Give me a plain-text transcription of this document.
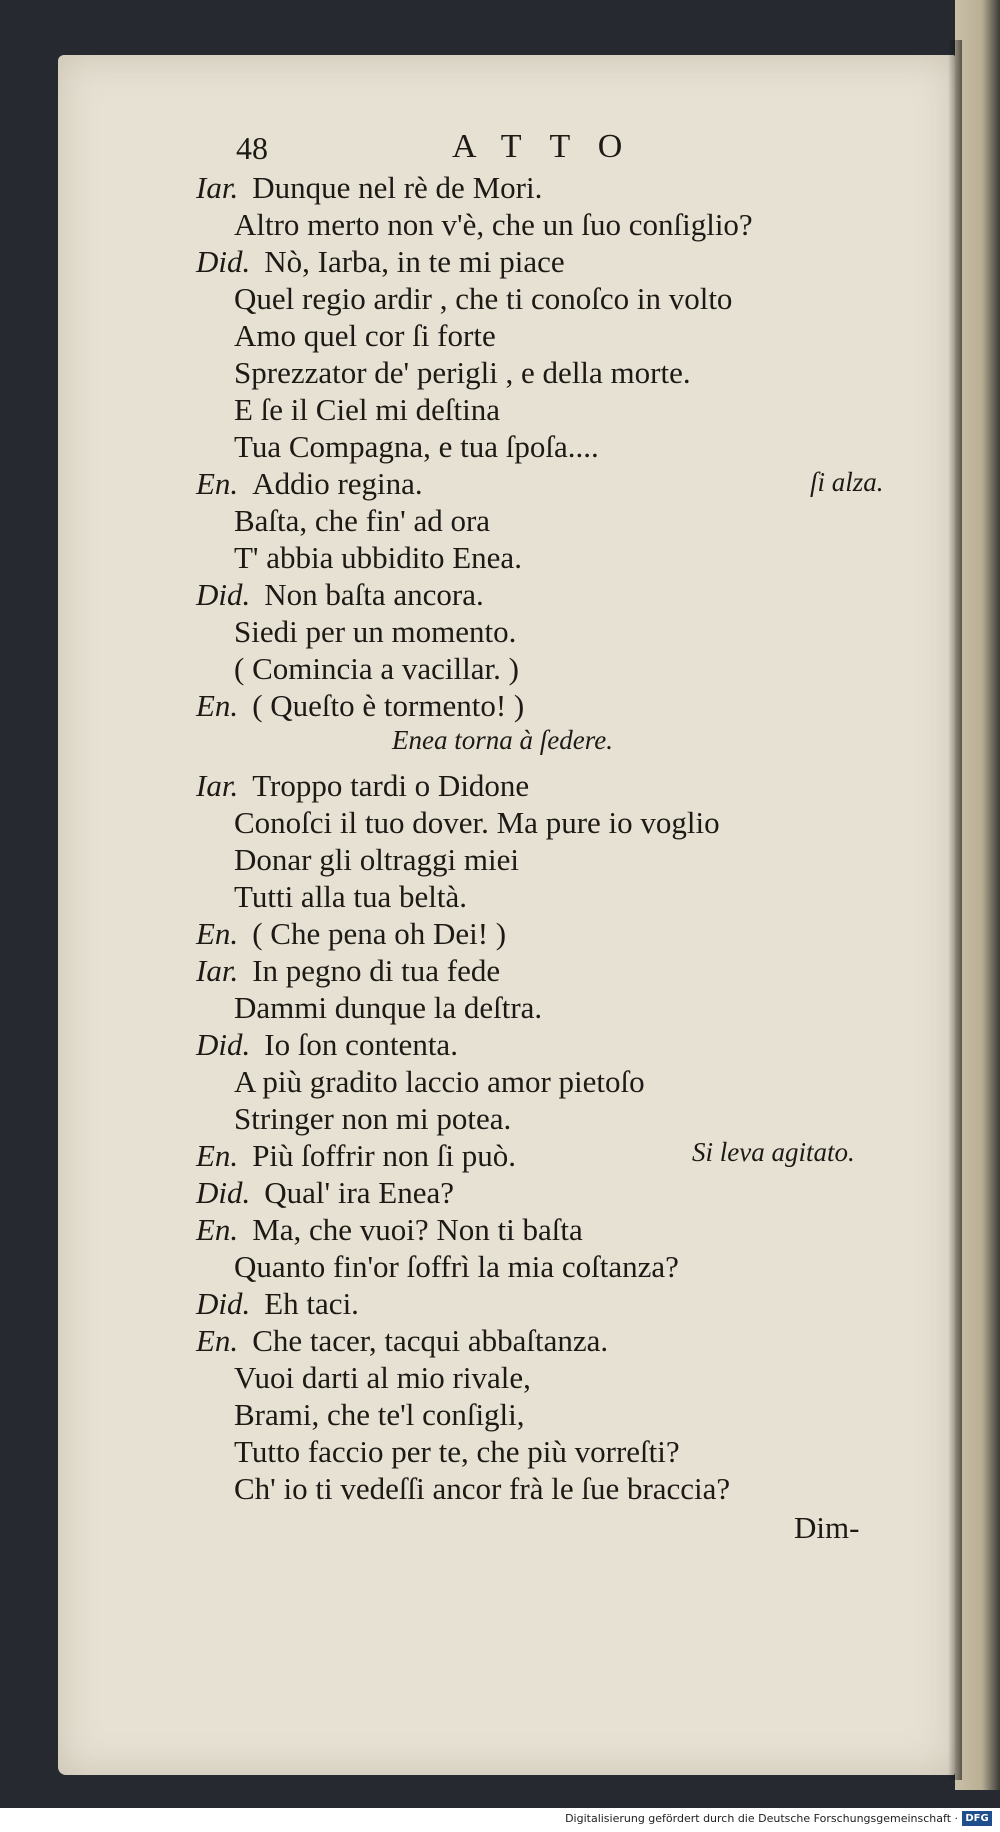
48	ATTO
Iar. Dunque nel rè de Mori.
Altro merto non v'è, che un ſuo conſiglio?
Did. Nò, Iarba, in te mi piace
Quel regio ardir , che ti conoſco in volto
Amo quel cor ſi forte
Sprezzator de' perigli , e della morte.
E ſe il Ciel mi deſtina
Tua Compagna, e tua ſpoſa....
En. Addio regina.
Baſta, che fin' ad ora
T' abbia ubbidito Enea.
Did. Non baſta ancora.
Siedi per un momento.
( Comincia a vacillar. )
En. ( Queſto è tormento! )
Iar. Troppo tardi o Didone
Conoſci il tuo dover. Ma pure io voglio
Donar gli oltraggi miei
Tutti alla tua beltà.
En. ( Che pena oh Dei! )
Iar. In pegno di tua fede
Dammi dunque la deſtra.
Did. Io ſon contenta.
A più gradito laccio amor pietoſo
Stringer non mi potea.
En. Più ſoffrir non ſi può.
Did. Qual' ira Enea?
En. Ma, che vuoi? Non ti baſta
Quanto fin'or ſoffrì la mia coſtanza?
Did. Eh taci.
En. Che tacer, tacqui abbaſtanza.
Vuoi darti al mio rivale,
Brami, che te'l conſigli,
Tutto faccio per te, che più vorreſti?
Ch' io ti vedeſſi ancor frà le ſue braccia?
ſi alza.
Enea torna à ſedere.
Si leva agitato.
Dim-
Digitalisierung gefördert durch die Deutsche Forschungsgemeinschaft · DFG
